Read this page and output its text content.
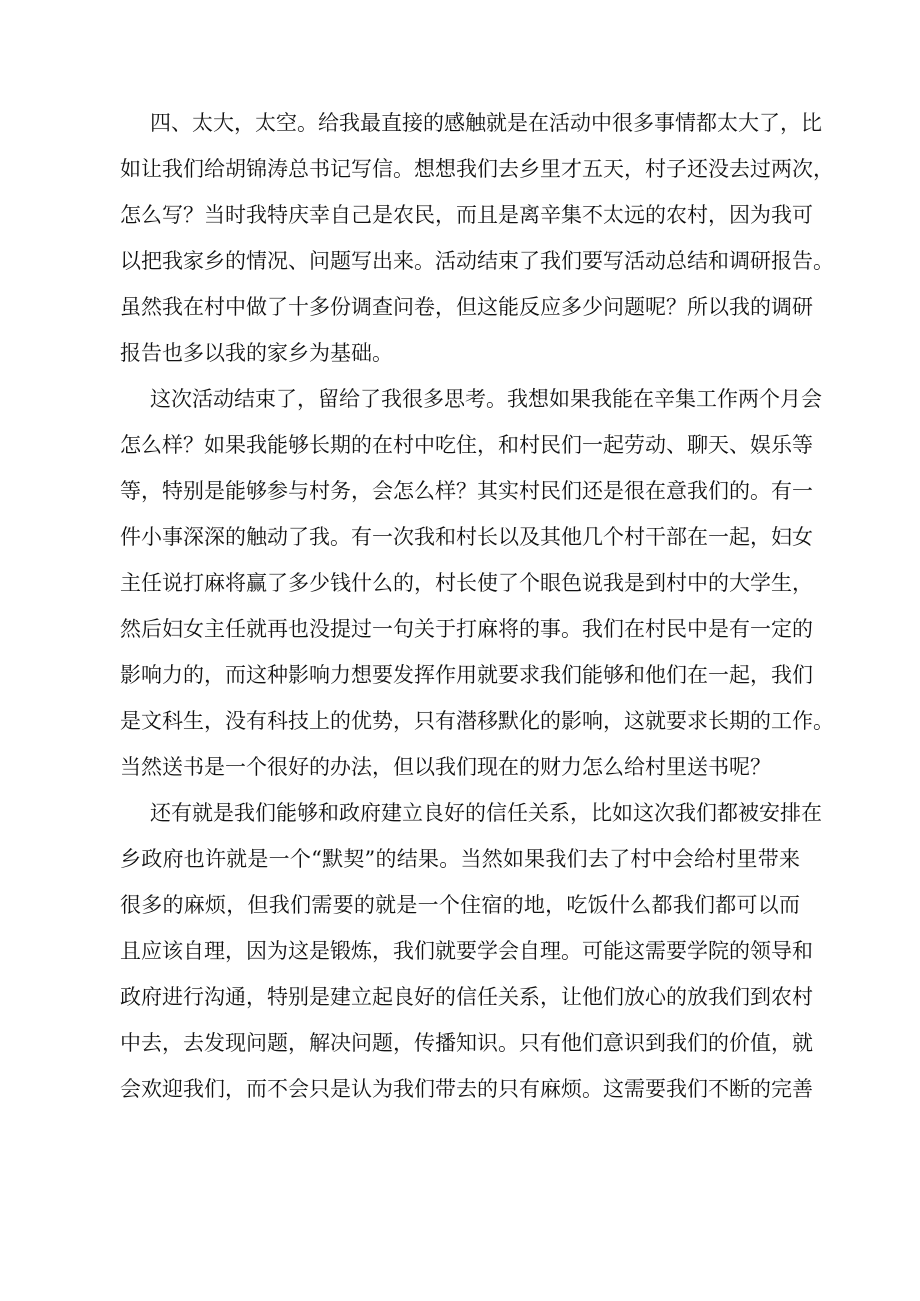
四、太大，太空。给我最直接的感触就是在活动中很多事情都太大了，比
如让我们给胡锦涛总书记写信。想想我们去乡里才五天，村子还没去过两次，
怎么写？当时我特庆幸自己是农民，而且是离辛集不太远的农村，因为我可
以把我家乡的情况、问题写出来。活动结束了我们要写活动总结和调研报告。
虽然我在村中做了十多份调查问卷，但这能反应多少问题呢？所以我的调研
报告也多以我的家乡为基础。
这次活动结束了，留给了我很多思考。我想如果我能在辛集工作两个月会
怎么样？如果我能够长期的在村中吃住，和村民们一起劳动、聊天、娱乐等
等，特别是能够参与村务，会怎么样？其实村民们还是很在意我们的。有一
件小事深深的触动了我。有一次我和村长以及其他几个村干部在一起，妇女
主任说打麻将赢了多少钱什么的，村长使了个眼色说我是到村中的大学生，
然后妇女主任就再也没提过一句关于打麻将的事。我们在村民中是有一定的
影响力的，而这种影响力想要发挥作用就要求我们能够和他们在一起，我们
是文科生，没有科技上的优势，只有潜移默化的影响，这就要求长期的工作。
当然送书是一个很好的办法，但以我们现在的财力怎么给村里送书呢？
还有就是我们能够和政府建立良好的信任关系，比如这次我们都被安排在
乡政府也许就是一个“默契”的结果。当然如果我们去了村中会给村里带来
很多的麻烦，但我们需要的就是一个住宿的地，吃饭什么都我们都可以而
且应该自理，因为这是锻炼，我们就要学会自理。可能这需要学院的领导和
政府进行沟通，特别是建立起良好的信任关系，让他们放心的放我们到农村
中去，去发现问题，解决问题，传播知识。只有他们意识到我们的价值，就
会欢迎我们，而不会只是认为我们带去的只有麻烦。这需要我们不断的完善
